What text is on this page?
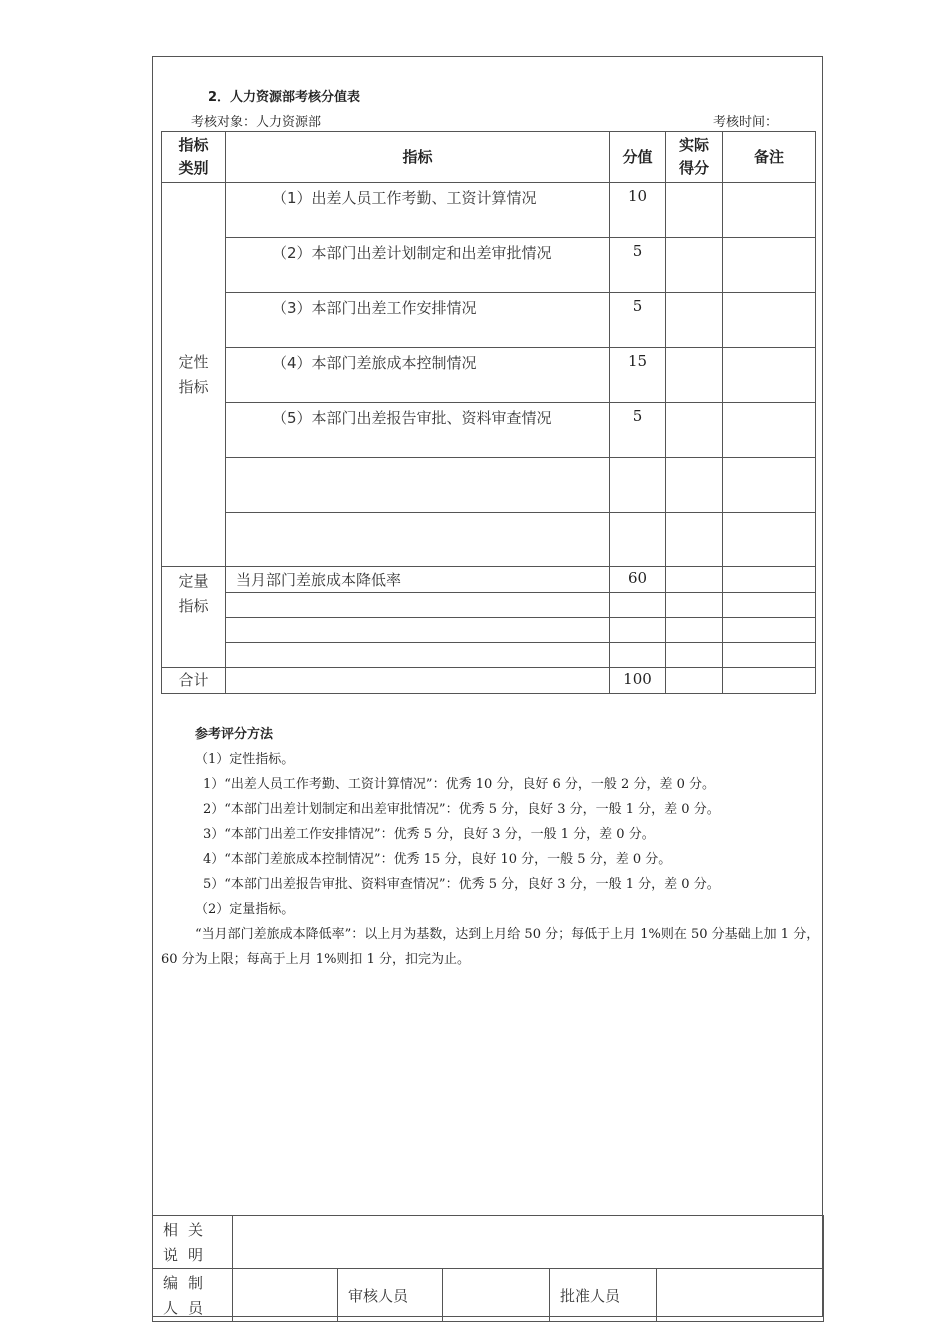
2．人力资源部考核分值表
考核对象：人力资源部	考核时间：
指标类别	指标	分值	实际得分	备注
定性指标	（1）出差人员工作考勤、工资计算情况	10		
	（2）本部门出差计划制定和出差审批情况	5		
	（3）本部门出差工作安排情况	5		
	（4）本部门差旅成本控制情况	15		
	（5）本部门出差报告审批、资料审查情况	5		

定量指标	当月部门差旅成本降低率	60		

合计		100		
参考评分方法
（1）定性指标。
1）“出差人员工作考勤、工资计算情况”：优秀 10 分，良好 6 分，一般 2 分，差 0 分。
2）“本部门出差计划制定和出差审批情况”：优秀 5 分，良好 3 分，一般 1 分，差 0 分。
3）“本部门出差工作安排情况”：优秀 5 分，良好 3 分，一般 1 分，差 0 分。
4）“本部门差旅成本控制情况”：优秀 15 分，良好 10 分，一般 5 分，差 0 分。
5）“本部门出差报告审批、资料审查情况”：优秀 5 分，良好 3 分，一般 1 分，差 0 分。
（2）定量指标。
“当月部门差旅成本降低率”：以上月为基数，达到上月给 50 分；每低于上月 1%则在 50 分基础上加 1 分，60 分为上限；每高于上月 1%则扣 1 分，扣完为止。
相关说明					
编制人员		审核人员		批准人员	
